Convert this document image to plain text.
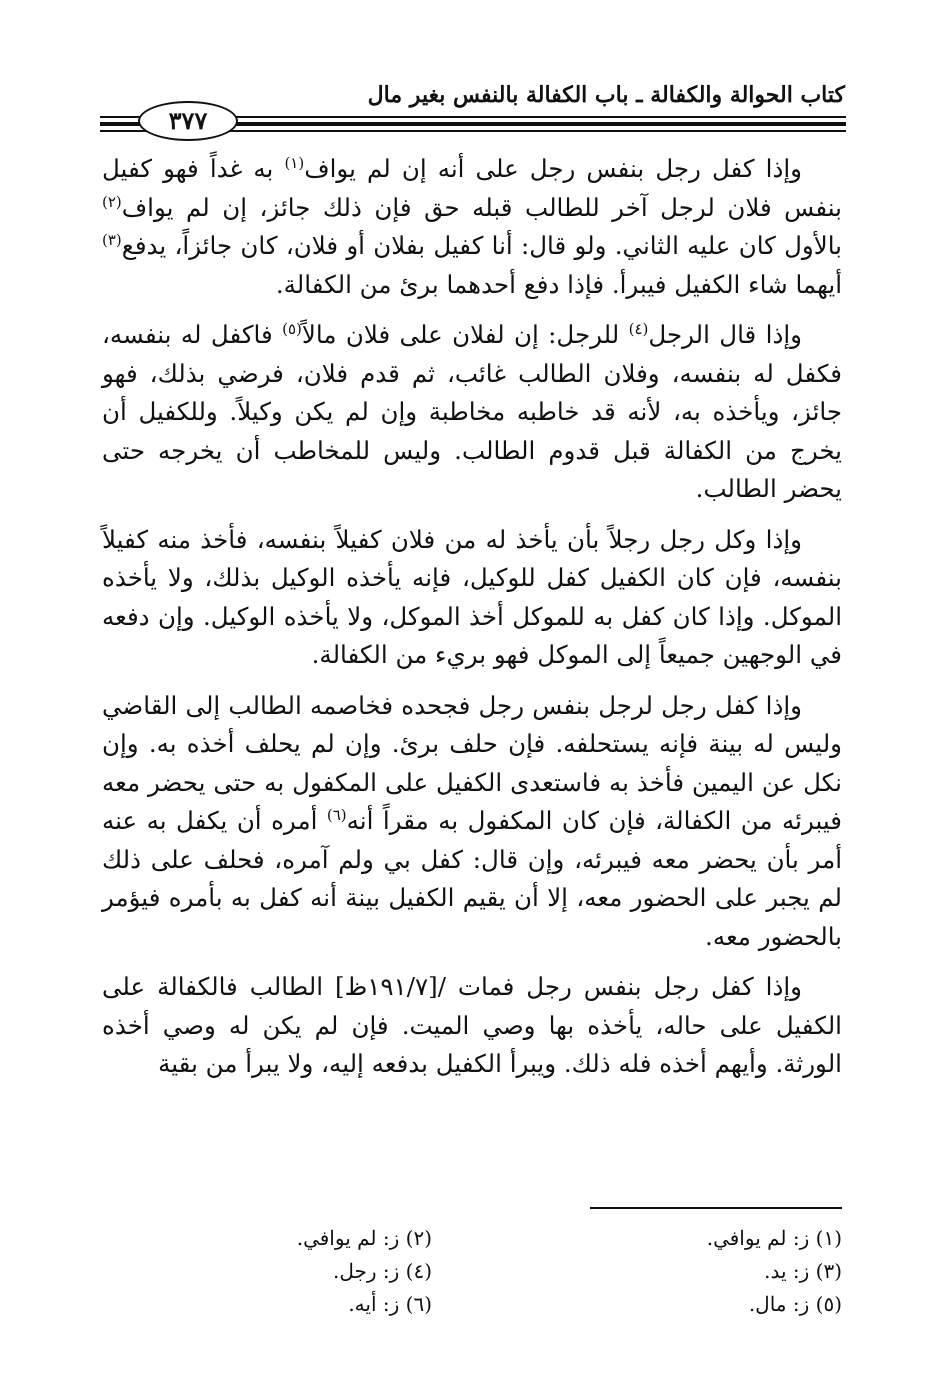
كتاب الحوالة والكفالة ـ باب الكفالة بالنفس بغير مال
٣٧٧

وإذا كفل رجل بنفس رجل على أنه إن لم يواف$^{(١)}$ به غداً فهو كفيل بنفس فلان لرجل آخر للطالب قبله حق فإن ذلك جائز، إن لم يواف$^{(٢)}$ بالأول كان عليه الثاني. ولو قال: أنا كفيل بفلان أو فلان، كان جائزاً، يدفع$^{(٣)}$ أيهما شاء الكفيل فيبرأ. فإذا دفع أحدهما برئ من الكفالة.

وإذا قال الرجل$^{(٤)}$ للرجل: إن لفلان على فلان مالاً$^{(٥)}$ فاكفل له بنفسه، فكفل له بنفسه، وفلان الطالب غائب، ثم قدم فلان، فرضي بذلك، فهو جائز، ويأخذه به، لأنه قد خاطبه مخاطبة وإن لم يكن وكيلاً. وللكفيل أن يخرج من الكفالة قبل قدوم الطالب. وليس للمخاطب أن يخرجه حتى يحضر الطالب.

وإذا وكل رجل رجلاً بأن يأخذ له من فلان كفيلاً بنفسه، فأخذ منه كفيلاً بنفسه، فإن كان الكفيل كفل للوكيل، فإنه يأخذه الوكيل بذلك، ولا يأخذه الموكل. وإذا كان كفل به للموكل أخذ الموكل، ولا يأخذه الوكيل. وإن دفعه في الوجهين جميعاً إلى الموكل فهو بريء من الكفالة.

وإذا كفل رجل لرجل بنفس رجل فجحده فخاصمه الطالب إلى القاضي وليس له بينة فإنه يستحلفه. فإن حلف برئ. وإن لم يحلف أخذه به. وإن نكل عن اليمين فأخذ به فاستعدى الكفيل على المكفول به حتى يحضر معه فيبرئه من الكفالة، فإن كان المكفول به مقراً أنه$^{(٦)}$ أمره أن يكفل به عنه أمر بأن يحضر معه فيبرئه، وإن قال: كفل بي ولم آمره، فحلف على ذلك لم يجبر على الحضور معه، إلا أن يقيم الكفيل بينة أنه كفل به بأمره فيؤمر بالحضور معه.

وإذا كفل رجل بنفس رجل فمات /[١٩١/٧ظ] الطالب فالكفالة على الكفيل على حاله، يأخذه بها وصي الميت. فإن لم يكن له وصي أخذه الورثة. وأيهم أخذه فله ذلك. ويبرأ الكفيل بدفعه إليه، ولا يبرأ من بقية

(١) ز: لم يوافي.
(٣) ز: يد.
(٥) ز: مال.
(٢) ز: لم يوافي.
(٤) ز: رجل.
(٦) ز: أيه.
